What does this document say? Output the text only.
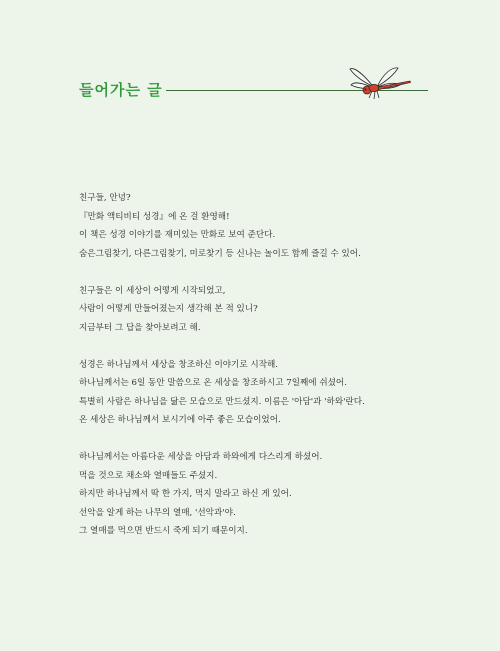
들어가는 글
친구들, 안녕?
『만화 액티비티 성경』에 온 걸 환영해!
이 책은 성경 이야기를 재미있는 만화로 보여 준단다.
숨은그림찾기, 다른그림찾기, 미로찾기 등 신나는 놀이도 함께 즐길 수 있어.
친구들은 이 세상이 어떻게 시작되었고,
사람이 어떻게 만들어졌는지 생각해 본 적 있니?
지금부터 그 답을 찾아보려고 해.
성경은 하나님께서 세상을 창조하신 이야기로 시작해.
하나님께서는 6일 동안 말씀으로 온 세상을 창조하시고 7일째에 쉬셨어.
특별히 사람은 하나님을 닮은 모습으로 만드셨지. 이름은 '아담'과 '하와'란다.
온 세상은 하나님께서 보시기에 아주 좋은 모습이었어.
하나님께서는 아름다운 세상을 아담과 하와에게 다스리게 하셨어.
먹을 것으로 채소와 열매들도 주셨지.
하지만 하나님께서 딱 한 가지, 먹지 말라고 하신 게 있어.
선악을 알게 하는 나무의 열매, '선악과'야.
그 열매를 먹으면 반드시 죽게 되기 때문이지.
